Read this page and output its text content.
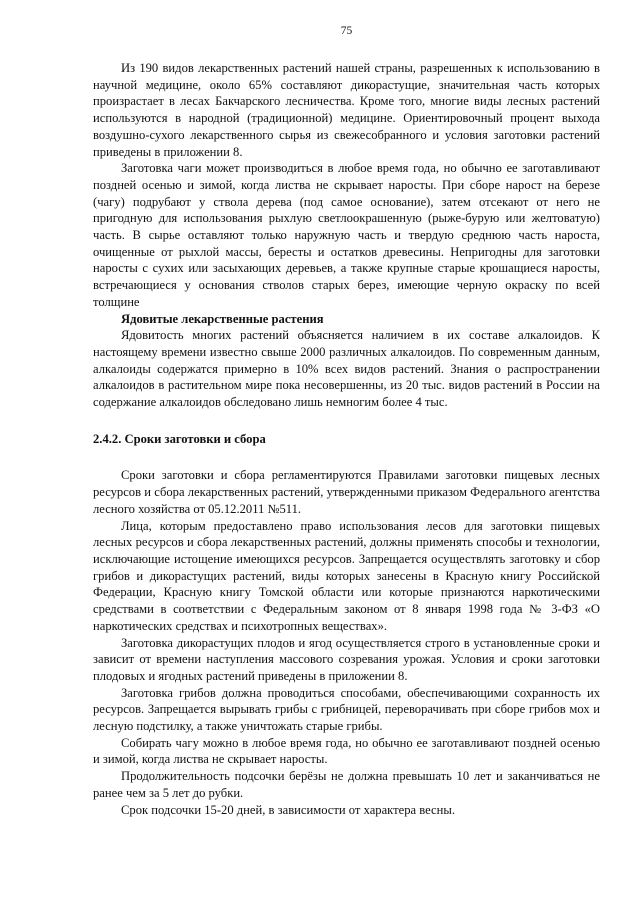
75

Из 190 видов лекарственных растений нашей страны, разрешенных к использованию в научной медицине, около 65% составляют дикорастущие, значительная часть которых произрастает в лесах Бакчарского лесничества. Кроме того, многие виды лесных растений используются в народной (традиционной) медицине. Ориентировочный процент выхода воздушно-сухого лекарственного сырья из свежесобранного и условия заготовки растений приведены в приложении 8.

Заготовка чаги может производиться в любое время года, но обычно ее заготавливают поздней осенью и зимой, когда листва не скрывает наросты. При сборе нарост на березе (чагу) подрубают у ствола дерева (под самое основание), затем отсекают от него не пригодную для использования рыхлую светлоокрашенную (рыже-бурую или желтоватую) часть. В сырье оставляют только наружную часть и твердую среднюю часть нароста, очищенные от рыхлой массы, бересты и остатков древесины. Непригодны для заготовки наросты с сухих или засыхающих деревьев, а также крупные старые крошащиеся наросты, встречающиеся у основания стволов старых берез, имеющие черную окраску по всей толщине

Ядовитые лекарственные растения

Ядовитость многих растений объясняется наличием в их составе алкалоидов. К настоящему времени известно свыше 2000 различных алкалоидов. По современным данным, алкалоиды содержатся примерно в 10% всех видов растений. Знания о распространении алкалоидов в растительном мире пока несовершенны, из 20 тыс. видов растений в России на содержание алкалоидов обследовано лишь немногим более 4 тыс.

2.4.2. Сроки заготовки и сбора

Сроки заготовки и сбора регламентируются Правилами заготовки пищевых лесных ресурсов и сбора лекарственных растений, утвержденными приказом Федерального агентства лесного хозяйства от 05.12.2011 №511.

Лица, которым предоставлено право использования лесов для заготовки пищевых лесных ресурсов и сбора лекарственных растений, должны применять способы и технологии, исключающие истощение имеющихся ресурсов. Запрещается осуществлять заготовку и сбор грибов и дикорастущих растений, виды которых занесены в Красную книгу Российской Федерации, Красную книгу Томской области или которые признаются наркотическими средствами в соответствии с Федеральным законом от 8 января 1998 года № 3-ФЗ «О наркотических средствах и психотропных веществах».

Заготовка дикорастущих плодов и ягод осуществляется строго в установленные сроки и зависит от времени наступления массового созревания урожая. Условия и сроки заготовки плодовых и ягодных растений приведены в приложении 8.

Заготовка грибов должна проводиться способами, обеспечивающими сохранность их ресурсов. Запрещается вырывать грибы с грибницей, переворачивать при сборе грибов мох и лесную подстилку, а также уничтожать старые грибы.

Собирать чагу можно в любое время года, но обычно ее заготавливают поздней осенью и зимой, когда листва не скрывает наросты.

Продолжительность подсочки берёзы не должна превышать 10 лет и заканчиваться не ранее чем за 5 лет до рубки.

Срок подсочки 15-20 дней, в зависимости от характера весны.
